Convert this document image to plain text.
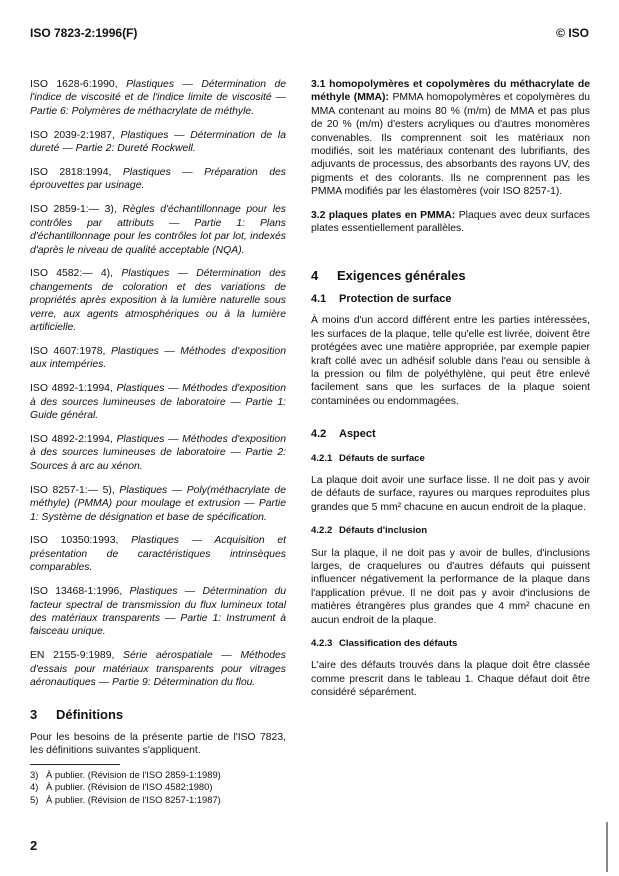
ISO 7823-2:1996(F)	© ISO
ISO 1628-6:1990, Plastiques — Détermination de l'indice de viscosité et de l'indice limite de viscosité — Partie 6: Polymères de méthacrylate de méthyle.
ISO 2039-2:1987, Plastiques — Détermination de la dureté — Partie 2: Dureté Rockwell.
ISO 2818:1994, Plastiques — Préparation des éprouvettes par usinage.
ISO 2859-1:— 3), Règles d'échantillonnage pour les contrôles par attributs — Partie 1: Plans d'échantillonnage pour les contrôles lot par lot, indexés d'après le niveau de qualité acceptable (NQA).
ISO 4582:— 4), Plastiques — Détermination des changements de coloration et des variations de propriétés après exposition à la lumière naturelle sous verre, aux agents atmosphériques ou à la lumière artificielle.
ISO 4607:1978, Plastiques — Méthodes d'exposition aux intempéries.
ISO 4892-1:1994, Plastiques — Méthodes d'exposition à des sources lumineuses de laboratoire — Partie 1: Guide général.
ISO 4892-2:1994, Plastiques — Méthodes d'exposition à des sources lumineuses de laboratoire — Partie 2: Sources à arc au xénon.
ISO 8257-1:— 5), Plastiques — Poly(méthacrylate de méthyle) (PMMA) pour moulage et extrusion — Partie 1: Système de désignation et base de spécification.
ISO 10350:1993, Plastiques — Acquisition et présentation de caractéristiques intrinsèques comparables.
ISO 13468-1:1996, Plastiques — Détermination du facteur spectral de transmission du flux lumineux total des matériaux transparents — Partie 1: Instrument à faisceau unique.
EN 2155-9:1989, Série aérospatiale — Méthodes d'essais pour matériaux transparents pour vitrages aéronautiques — Partie 9: Détermination du flou.
3 Définitions
Pour les besoins de la présente partie de l'ISO 7823, les définitions suivantes s'appliquent.
3.1 homopolymères et copolymères du méthacrylate de méthyle (MMA): PMMA homopolymères et copolymères du MMA contenant au moins 80 % (m/m) de MMA et pas plus de 20 % (m/m) d'esters acryliques ou d'autres monomères convenables. Ils comprennent soit les matériaux non modifiés, soit les matériaux contenant des lubrifiants, des adjuvants de processus, des absorbants des rayons UV, des pigments et des colorants. Ils ne comprennent pas les PMMA modifiés par les élastomères (voir ISO 8257-1).
3.2 plaques plates en PMMA: Plaques avec deux surfaces plates essentiellement parallèles.
4 Exigences générales
4.1 Protection de surface
À moins d'un accord différent entre les parties intéressées, les surfaces de la plaque, telle qu'elle est livrée, doivent être protégées avec une matière appropriée, par exemple papier kraft collé avec un adhésif soluble dans l'eau ou sensible à la pression ou film de polyéthylène, qui peut être enlevé facilement sans que les surfaces de la plaque soient contaminées ou endommagées.
4.2 Aspect
4.2.1 Défauts de surface
La plaque doit avoir une surface lisse. Il ne doit pas y avoir de défauts de surface, rayures ou marques reproduites plus grandes que 5 mm² chacune en aucun endroit de la plaque.
4.2.2 Défauts d'inclusion
Sur la plaque, il ne doit pas y avoir de bulles, d'inclusions larges, de craquelures ou d'autres défauts qui puissent influencer négativement la performance de la plaque dans l'application prévue. Il ne doit pas y avoir d'inclusions de matières étrangères plus grandes que 4 mm² chacune en aucun endroit de la plaque.
4.2.3 Classification des défauts
L'aire des défauts trouvés dans la plaque doit être classée comme prescrit dans le tableau 1. Chaque défaut doit être considéré séparément.
3) À publier. (Révision de l'ISO 2859-1:1989)
4) À publier. (Révision de l'ISO 4582:1980)
5) À publier. (Révision de l'ISO 8257-1:1987)
2
